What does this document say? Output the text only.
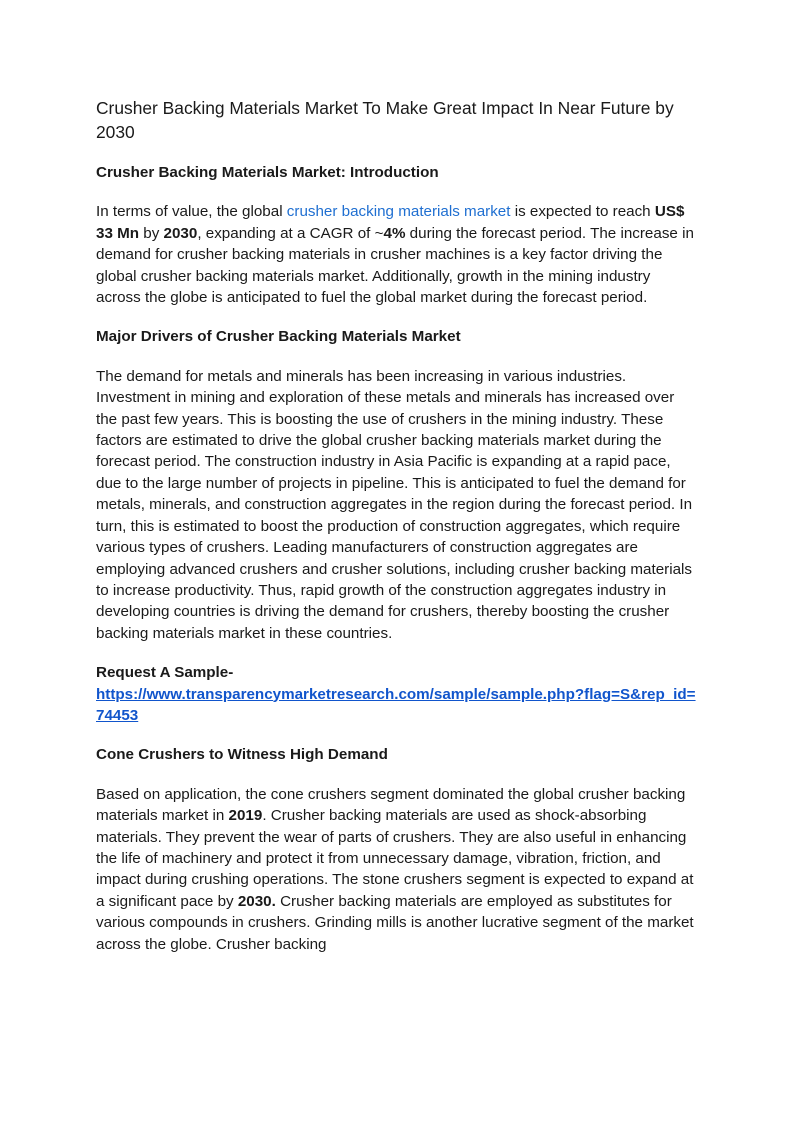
Crusher Backing Materials Market To Make Great Impact In Near Future by 2030
Crusher Backing Materials Market: Introduction

In terms of value, the global crusher backing materials market is expected to reach US$ 33 Mn by 2030, expanding at a CAGR of ~4% during the forecast period. The increase in demand for crusher backing materials in crusher machines is a key factor driving the global crusher backing materials market. Additionally, growth in the mining industry across the globe is anticipated to fuel the global market during the forecast period.

Major Drivers of Crusher Backing Materials Market

The demand for metals and minerals has been increasing in various industries. Investment in mining and exploration of these metals and minerals has increased over the past few years. This is boosting the use of crushers in the mining industry. These factors are estimated to drive the global crusher backing materials market during the forecast period. The construction industry in Asia Pacific is expanding at a rapid pace, due to the large number of projects in pipeline. This is anticipated to fuel the demand for metals, minerals, and construction aggregates in the region during the forecast period. In turn, this is estimated to boost the production of construction aggregates, which require various types of crushers. Leading manufacturers of construction aggregates are employing advanced crushers and crusher solutions, including crusher backing materials to increase productivity. Thus, rapid growth of the construction aggregates industry in developing countries is driving the demand for crushers, thereby boosting the crusher backing materials market in these countries.

Request A Sample-
https://www.transparencymarketresearch.com/sample/sample.php?flag=S&rep_id=74453
Cone Crushers to Witness High Demand

Based on application, the cone crushers segment dominated the global crusher backing materials market in 2019. Crusher backing materials are used as shock-absorbing materials. They prevent the wear of parts of crushers. They are also useful in enhancing the life of machinery and protect it from unnecessary damage, vibration, friction, and impact during crushing operations. The stone crushers segment is expected to expand at a significant pace by 2030. Crusher backing materials are employed as substitutes for various compounds in crushers. Grinding mills is another lucrative segment of the market across the globe. Crusher backing
